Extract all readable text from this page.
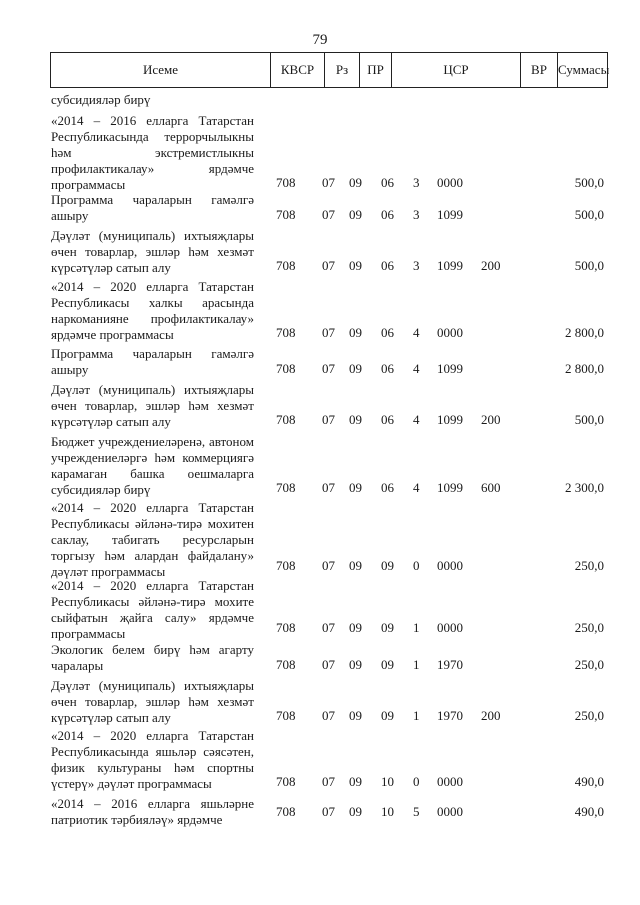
79
Исеме	КВСР	Рз	ПР	ЦСР	ВР Суммасы
субсидияләр бирү
«2014 – 2016 елларга Татарстан Республикасында террорчылыкны һәм экстремистлыкны профилактикалау» ярдәмче программасы	708 07 09 06 3 0000	500,0
Программа чараларын гамәлгә ашыру	708 07 09 06 3 1099	500,0
Дәүләт (муниципаль) ихтыяҗлары өчен товарлар, эшләр һәм хезмәт күрсәтүләр сатып алу	708 07 09 06 3 1099 200	500,0
«2014 – 2020 елларга Татарстан Республикасы халкы арасында наркоманияне профилактикалау» ярдәмче программасы	708 07 09 06 4 0000	2 800,0
Программа чараларын гамәлгә ашыру	708 07 09 06 4 1099	2 800,0
Дәүләт (муниципаль) ихтыяҗлары өчен товарлар, эшләр һәм хезмәт күрсәтүләр сатып алу	708 07 09 06 4 1099 200	500,0
Бюджет учреждениеләренә, автоном учреждениеләргә һәм коммерциягә карамаган башка оешмаларга субсидияләр бирү	708 07 09 06 4 1099 600	2 300,0
«2014 – 2020 елларга Татарстан Республикасы әйләнә-тирә мохитен саклау, табигать ресурсларын торгызу һәм алардан файдалану» дәүләт программасы	708 07 09 09 0 0000	250,0
«2014 – 2020 елларга Татарстан Республикасы әйләнә-тирә мохите сыйфатын җайга салу» ярдәмче программасы	708 07 09 09 1 0000	250,0
Экологик белем бирү һәм агарту чаралары	708 07 09 09 1 1970	250,0
Дәүләт (муниципаль) ихтыяҗлары өчен товарлар, эшләр һәм хезмәт күрсәтүләр сатып алу	708 07 09 09 1 1970 200	250,0
«2014 – 2020 елларга Татарстан Республикасында яшьләр сәясәтен, физик культураны һәм спортны үстерү» дәүләт программасы	708 07 09 10 0 0000	490,0
«2014 – 2016 елларга яшьләрне патриотик тәрбияләү» ярдәмче
708 07 09 10 5 0000	490,0
